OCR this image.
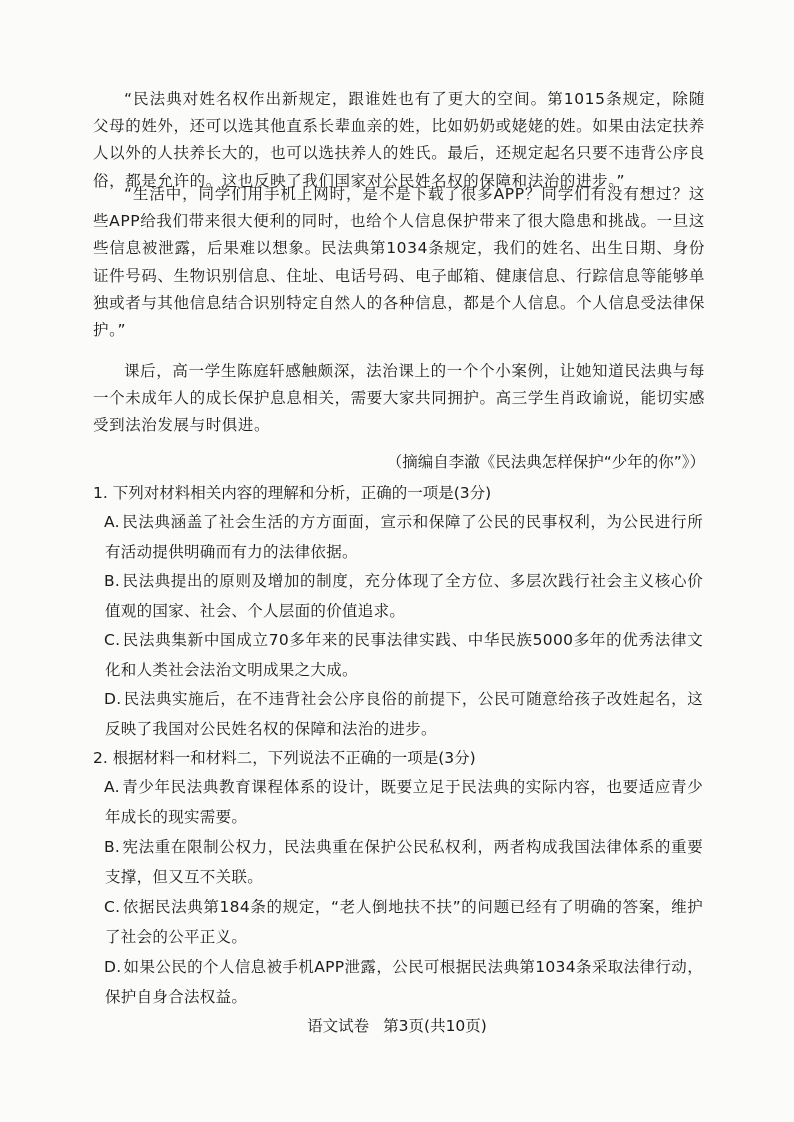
“民法典对姓名权作出新规定，跟谁姓也有了更大的空间。第1015条规定，除随父母的姓外，还可以选其他直系长辈血亲的姓，比如奶奶或姥姥的姓。如果由法定扶养人以外的人扶养长大的，也可以选扶养人的姓氏。最后，还规定起名只要不违背公序良俗，都是允许的。这也反映了我们国家对公民姓名权的保障和法治的进步。”

“生活中，同学们用手机上网时，是不是下载了很多APP？同学们有没有想过？这些APP给我们带来很大便利的同时，也给个人信息保护带来了很大隐患和挑战。一旦这些信息被泄露，后果难以想象。民法典第1034条规定，我们的姓名、出生日期、身份证件号码、生物识别信息、住址、电话号码、电子邮箱、健康信息、行踪信息等能够单独或者与其他信息结合识别特定自然人的各种信息，都是个人信息。个人信息受法律保护。”

课后，高一学生陈庭轩感触颇深，法治课上的一个个小案例，让她知道民法典与每一个未成年人的成长保护息息相关，需要大家共同拥护。高三学生肖政谕说，能切实感受到法治发展与时俱进。

（摘编自李澈《民法典怎样保护“少年的你”》）

1. 下列对材料相关内容的理解和分析，正确的一项是(3分)

A. 民法典涵盖了社会生活的方方面面，宣示和保障了公民的民事权利，为公民进行所有活动提供明确而有力的法律依据。

B. 民法典提出的原则及增加的制度，充分体现了全方位、多层次践行社会主义核心价值观的国家、社会、个人层面的价值追求。

C. 民法典集新中国成立70多年来的民事法律实践、中华民族5000多年的优秀法律文化和人类社会法治文明成果之大成。

D. 民法典实施后，在不违背社会公序良俗的前提下，公民可随意给孩子改姓起名，这反映了我国对公民姓名权的保障和法治的进步。

2. 根据材料一和材料二，下列说法不正确的一项是(3分)

A. 青少年民法典教育课程体系的设计，既要立足于民法典的实际内容，也要适应青少年成长的现实需要。

B. 宪法重在限制公权力，民法典重在保护公民私权利，两者构成我国法律体系的重要支撑，但又互不关联。

C. 依据民法典第184条的规定，“老人倒地扶不扶”的问题已经有了明确的答案，维护了社会的公平正义。

D. 如果公民的个人信息被手机APP泄露，公民可根据民法典第1034条采取法律行动，保护自身合法权益。

语文试卷 第3页(共10页)
